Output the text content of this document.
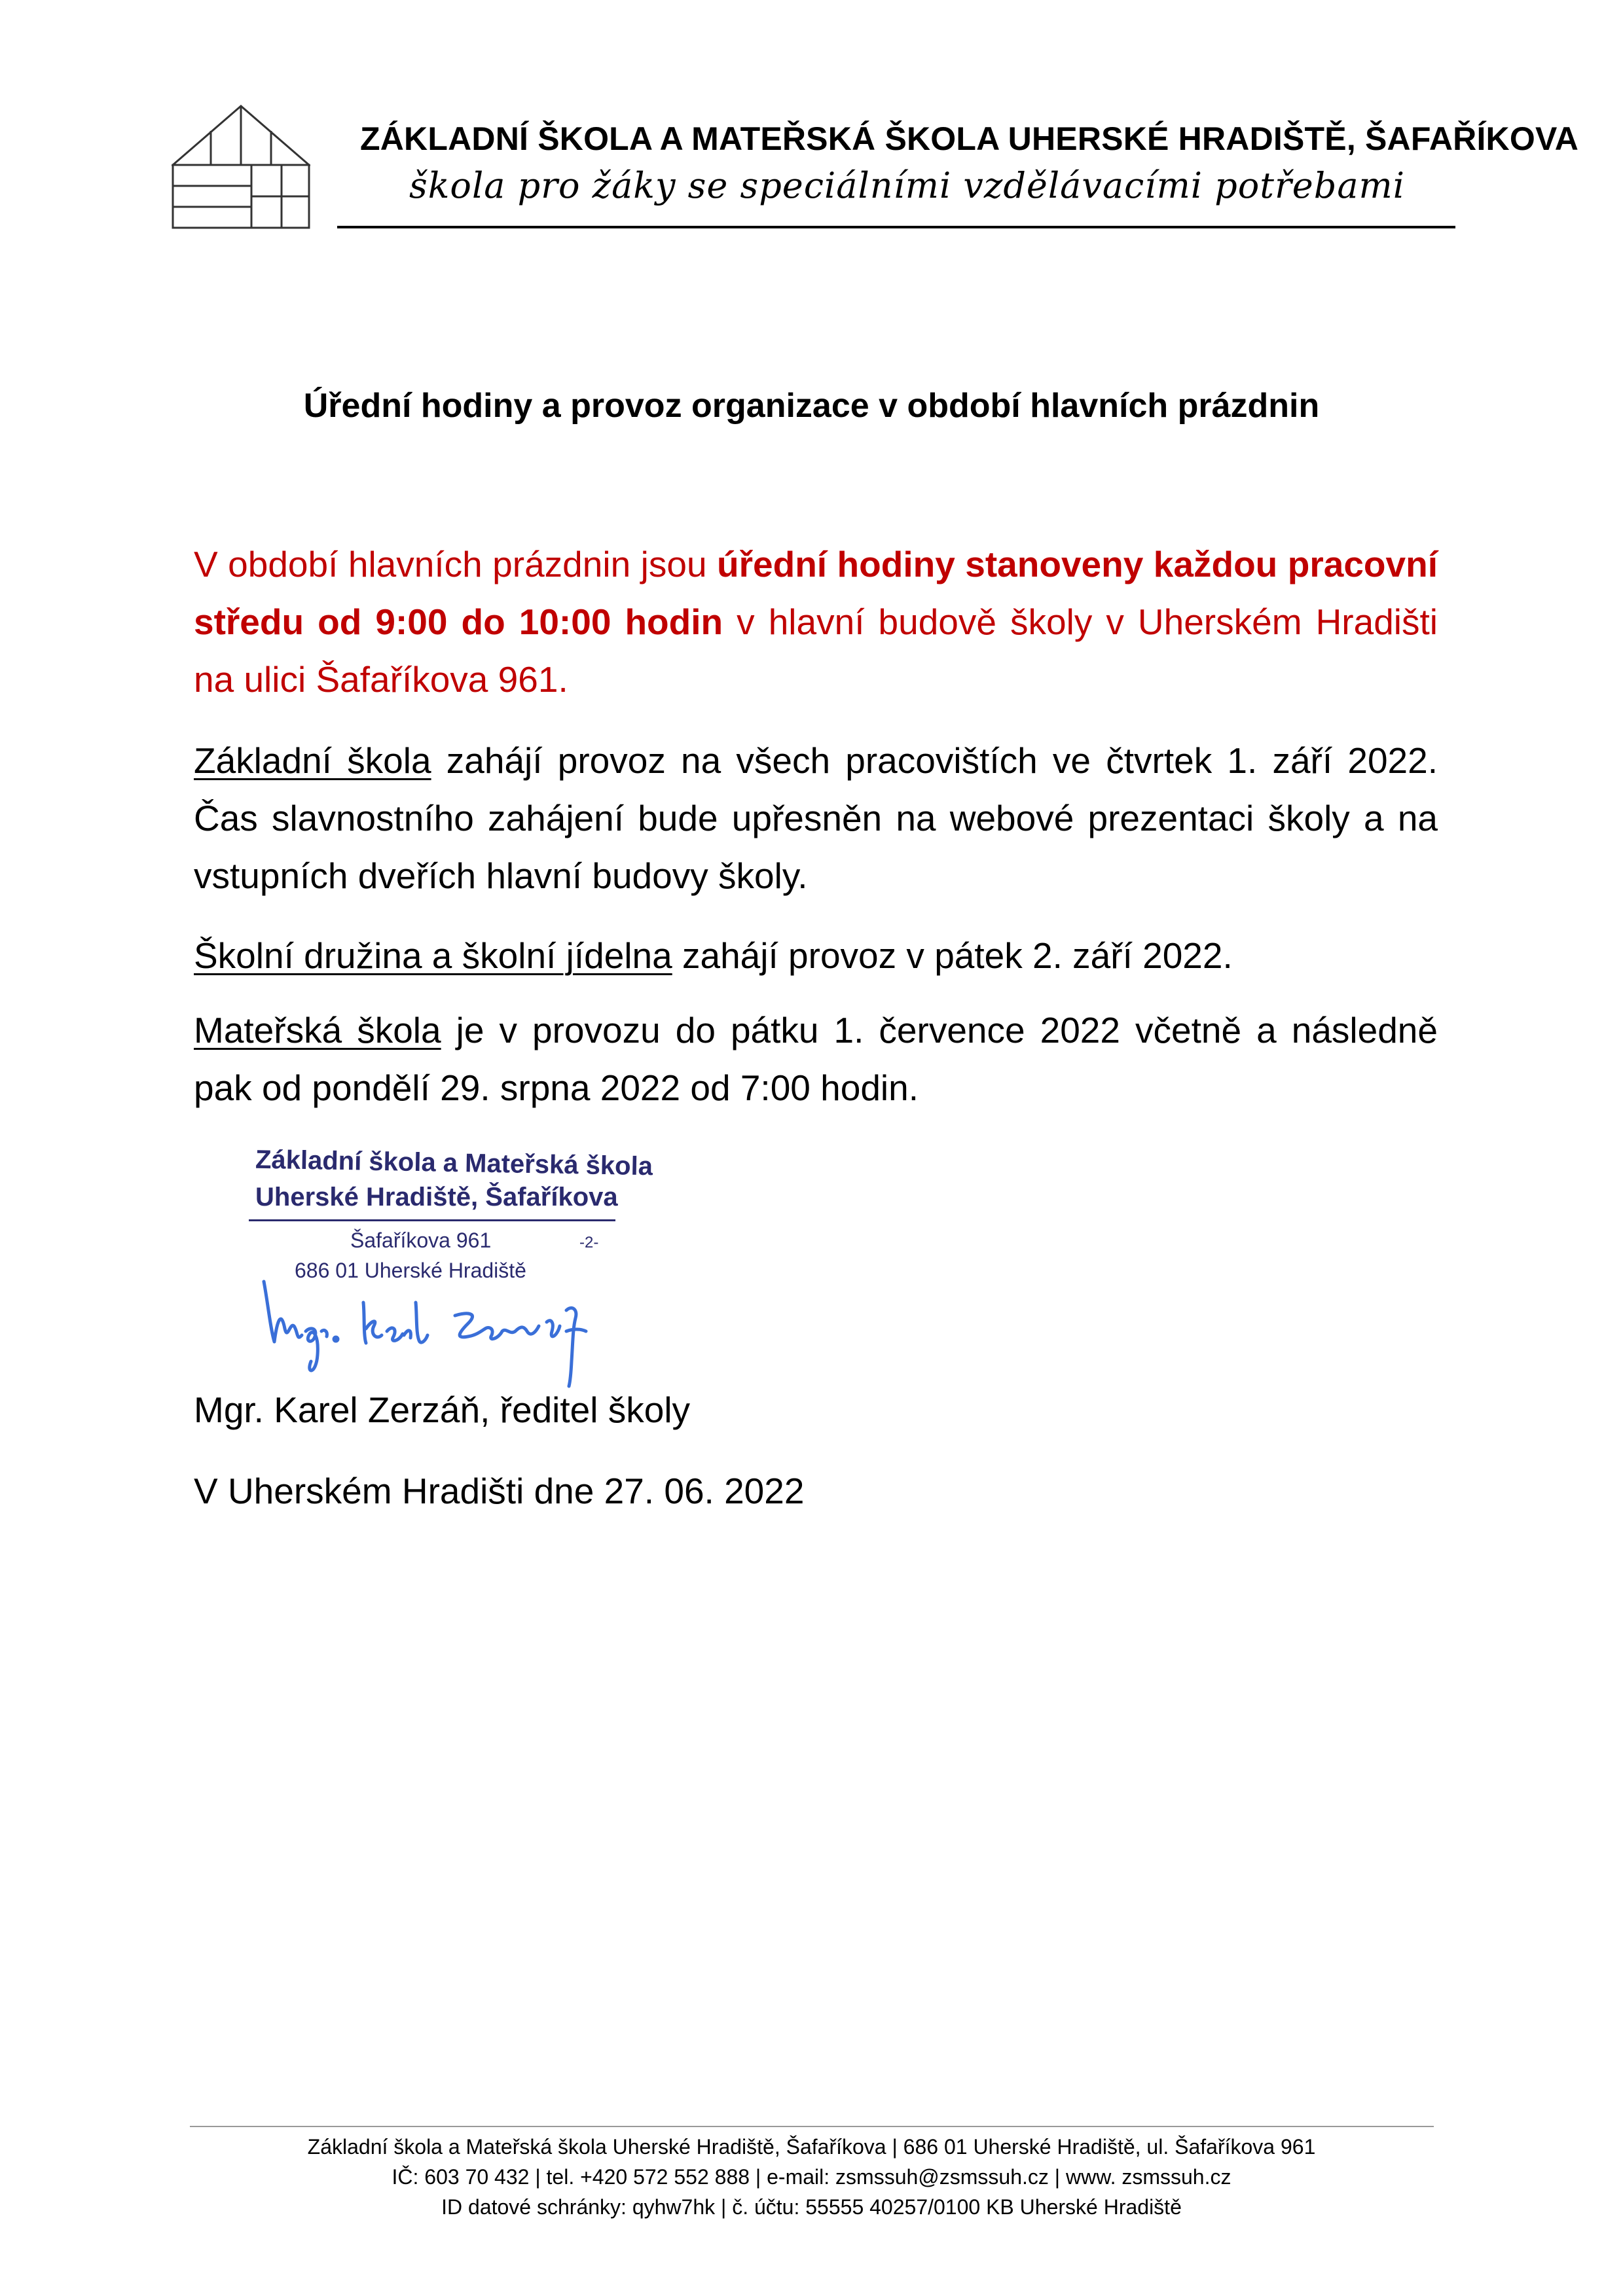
ZÁKLADNÍ ŠKOLA A MATEŘSKÁ ŠKOLA UHERSKÉ HRADIŠTĚ, ŠAFAŘÍKOVA
škola pro žáky se speciálními vzdělávacími potřebami
Úřední hodiny a provoz organizace v období hlavních prázdnin
V období hlavních prázdnin jsou úřední hodiny stanoveny každou pracovní středu od 9:00 do 10:00 hodin v hlavní budově školy v Uherském Hradišti na ulici Šafaříkova 961.
Základní škola zahájí provoz na všech pracovištích ve čtvrtek 1. září 2022. Čas slavnostního zahájení bude upřesněn na webové prezentaci školy a na vstupních dveřích hlavní budovy školy.
Školní družina a školní jídelna zahájí provoz v pátek 2. září 2022.
Mateřská škola je v provozu do pátku 1. července 2022 včetně a následně pak od pondělí 29. srpna 2022 od 7:00 hodin.
Základní škola a Mateřská škola
Uherské Hradiště, Šafaříkova
Šafaříkova 961	-2-
686 01 Uherské Hradiště
Mgr. Karel Zerzáň, ředitel školy
V Uherském Hradišti dne 27. 06. 2022
Základní škola a Mateřská škola Uherské Hradiště, Šafaříkova | 686 01 Uherské Hradiště, ul. Šafaříkova 961
IČ: 603 70 432 | tel. +420 572 552 888 | e-mail: zsmssuh@zsmssuh.cz | www. zsmssuh.cz
ID datové schránky: qyhw7hk | č. účtu: 55555 40257/0100 KB Uherské Hradiště
